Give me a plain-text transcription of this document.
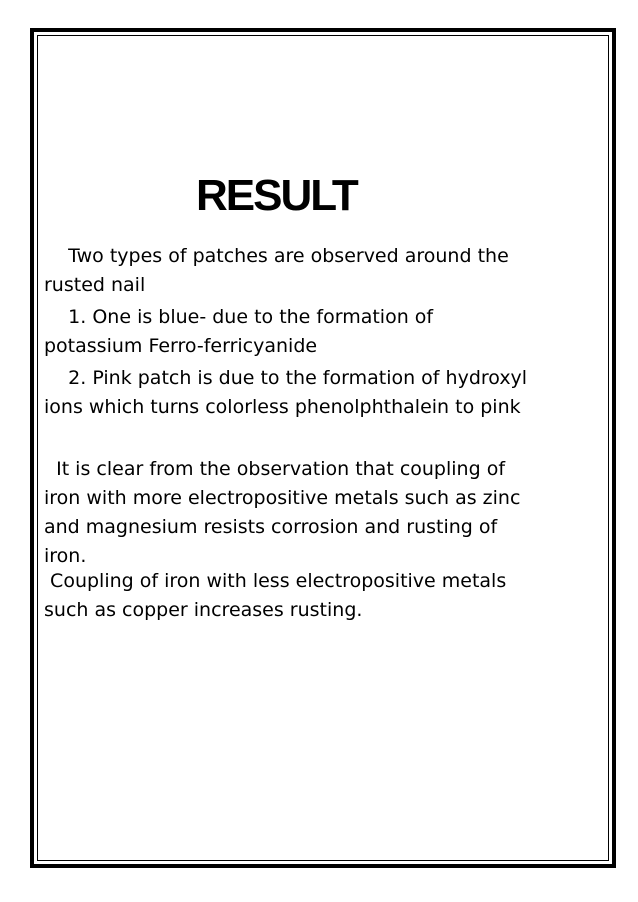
RESULT

Two types of patches are observed around the
rusted nail

1. One is blue- due to the formation of
potassium Ferro-ferricyanide

2. Pink patch is due to the formation of hydroxyl
ions which turns colorless phenolphthalein to pink

It is clear from the observation that coupling of
iron with more electropositive metals such as zinc
and magnesium resists corrosion and rusting of
iron.

Coupling of iron with less electropositive metals
such as copper increases rusting.
